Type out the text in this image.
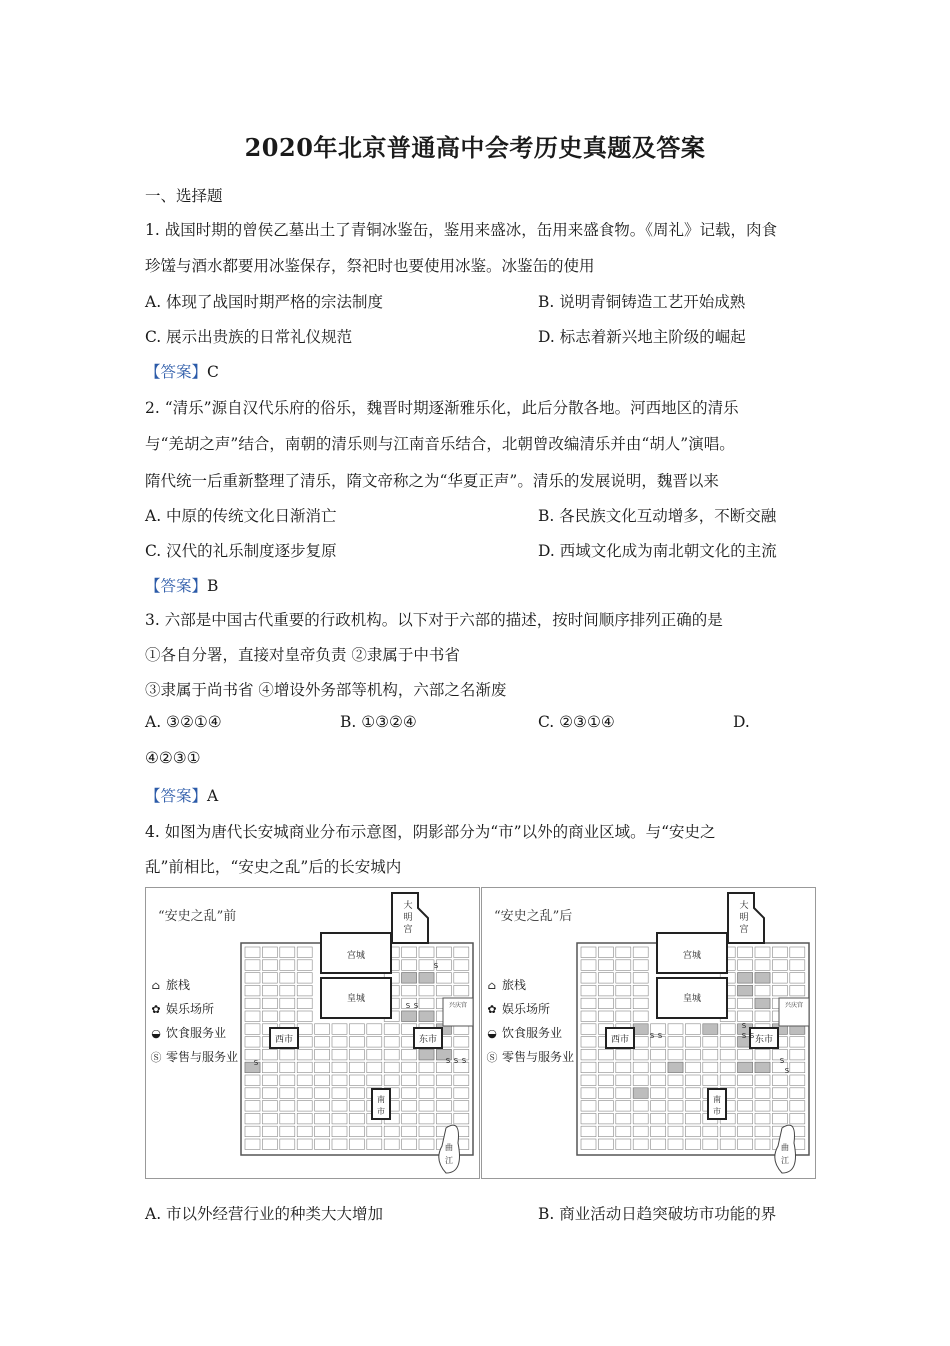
2020年北京普通高中会考历史真题及答案
一、选择题
1. 战国时期的曾侯乙墓出土了青铜冰鉴缶，鉴用来盛冰，缶用来盛食物。《周礼》记载，肉食
珍馐与酒水都要用冰鉴保存，祭祀时也要使用冰鉴。冰鉴缶的使用
A. 体现了战国时期严格的宗法制度	B. 说明青铜铸造工艺开始成熟
C. 展示出贵族的日常礼仪规范	D. 标志着新兴地主阶级的崛起
【答案】C
2. “清乐”源自汉代乐府的俗乐，魏晋时期逐渐雅乐化，此后分散各地。河西地区的清乐
与“羌胡之声”结合，南朝的清乐则与江南音乐结合，北朝曾改编清乐并由“胡人”演唱。
隋代统一后重新整理了清乐，隋文帝称之为“华夏正声”。清乐的发展说明，魏晋以来
A. 中原的传统文化日渐消亡	B. 各民族文化互动增多，不断交融
C. 汉代的礼乐制度逐步复原	D. 西域文化成为南北朝文化的主流
【答案】B
3. 六部是中国古代重要的行政机构。以下对于六部的描述，按时间顺序排列正确的是
①各自分署，直接对皇帝负责 ②隶属于中书省
③隶属于尚书省 ④增设外务部等机构，六部之名渐废
A. ③②①④	B. ①③②④	C. ②③①④	D.
④②③①
【答案】A
4. 如图为唐代长安城商业分布示意图，阴影部分为“市”以外的商业区域。与“安史之
乱”前相比，“安史之乱”后的长安城内
“安史之乱”前
⌂ 旅栈
✿ 娱乐场所
◒ 饮食服务业
Ⓢ 零售与服务业
宫城
皇城
大
明
宫
兴庆宫
西市	东市
南
市
曲
江
S
S S
S S S
S
“安史之乱”后
⌂ 旅栈
✿ 娱乐场所
◒ 饮食服务业
Ⓢ 零售与服务业
宫城
皇城
大
明
宫
兴庆宫
西市	东市
南
市
曲
江
S S
S
S S
S
S
A. 市以外经营行业的种类大大增加	B. 商业活动日趋突破坊市功能的界
